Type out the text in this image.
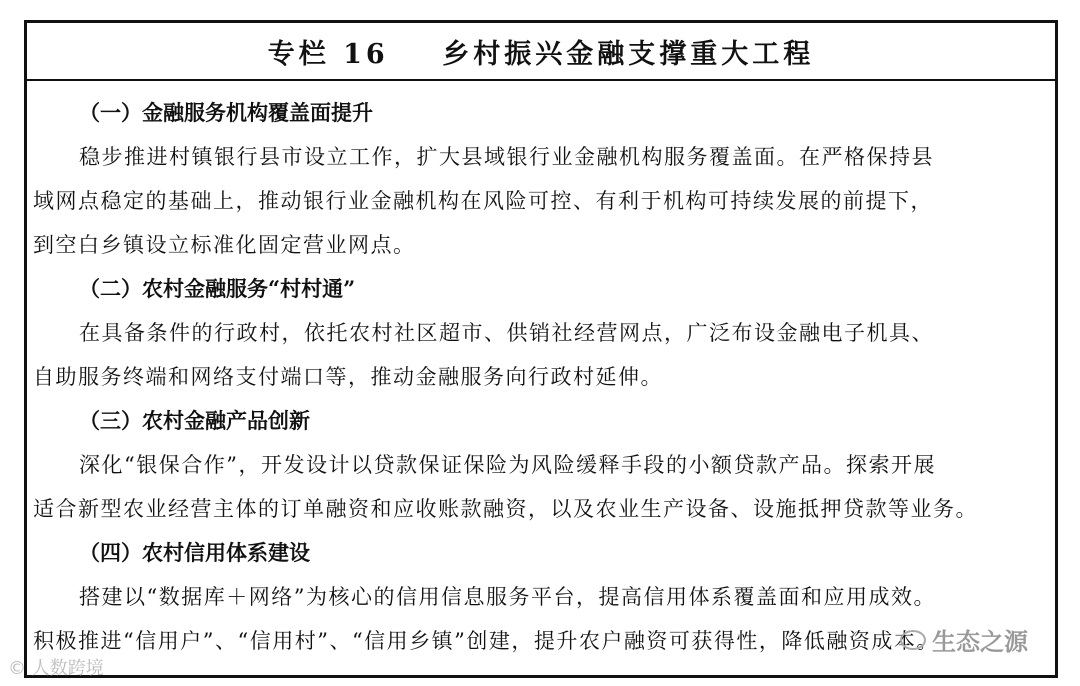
专栏 16    乡村振兴金融支撑重大工程
（一）金融服务机构覆盖面提升
稳步推进村镇银行县市设立工作，扩大县域银行业金融机构服务覆盖面。在严格保持县
域网点稳定的基础上，推动银行业金融机构在风险可控、有利于机构可持续发展的前提下，
到空白乡镇设立标准化固定营业网点。
（二）农村金融服务“村村通”
在具备条件的行政村，依托农村社区超市、供销社经营网点，广泛布设金融电子机具、
自助服务终端和网络支付端口等，推动金融服务向行政村延伸。
（三）农村金融产品创新
深化“银保合作”，开发设计以贷款保证保险为风险缓释手段的小额贷款产品。探索开展
适合新型农业经营主体的订单融资和应收账款融资，以及农业生产设备、设施抵押贷款等业务。
（四）农村信用体系建设
搭建以“数据库＋网络”为核心的信用信息服务平台，提高信用体系覆盖面和应用成效。
积极推进“信用户”、“信用村”、“信用乡镇”创建，提升农户融资可获得性，降低融资成本。
© 人数跨境
生态之源
